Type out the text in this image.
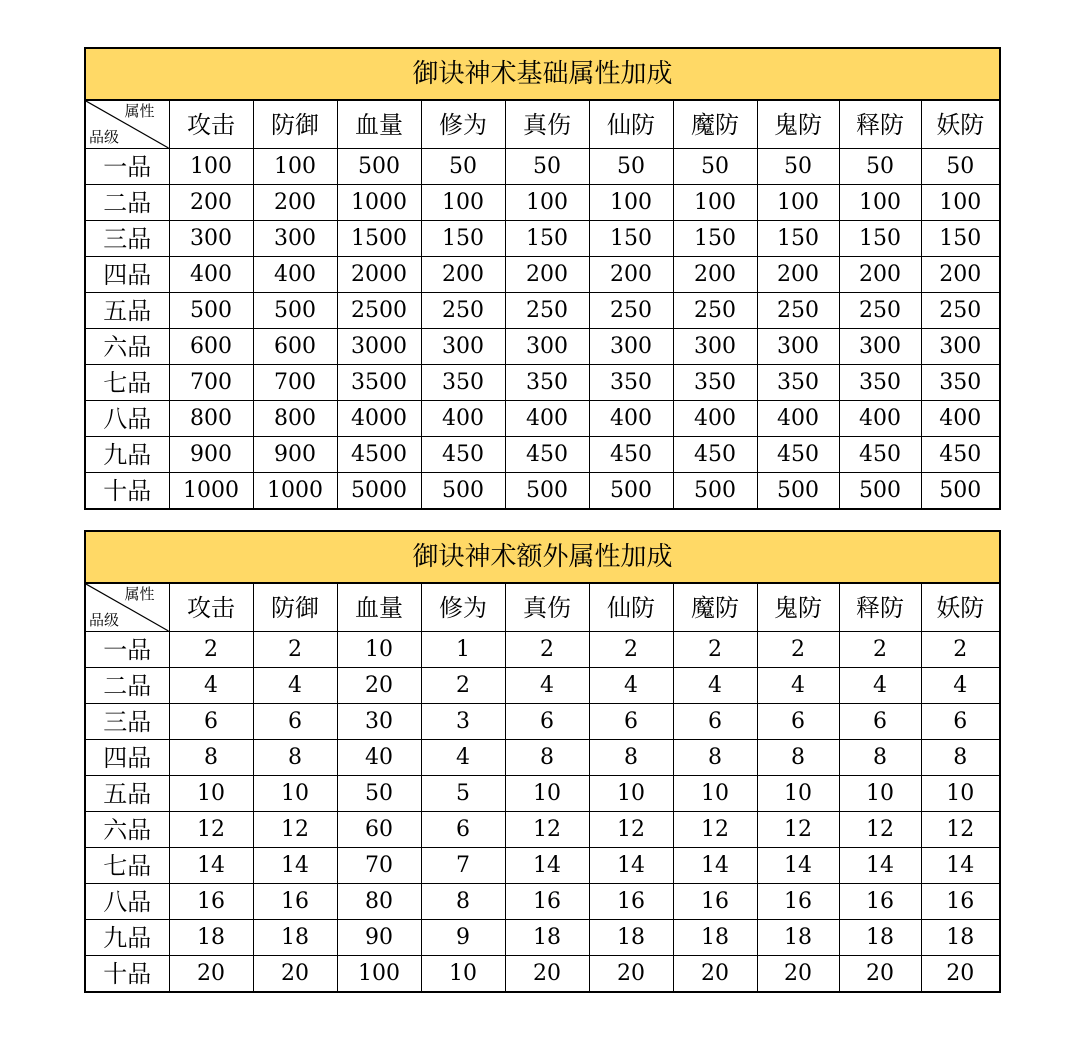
御诀神术基础属性加成										

属性
品级	攻击	防御	血量	修为	真伤	仙防	魔防	鬼防	释防	妖防
一品	100	100	500	50	50	50	50	50	50	50
二品	200	200	1000	100	100	100	100	100	100	100
三品	300	300	1500	150	150	150	150	150	150	150
四品	400	400	2000	200	200	200	200	200	200	200
五品	500	500	2500	250	250	250	250	250	250	250
六品	600	600	3000	300	300	300	300	300	300	300
七品	700	700	3500	350	350	350	350	350	350	350
八品	800	800	4000	400	400	400	400	400	400	400
九品	900	900	4500	450	450	450	450	450	450	450
十品	1000	1000	5000	500	500	500	500	500	500	500
御诀神术额外属性加成										

属性
品级	攻击	防御	血量	修为	真伤	仙防	魔防	鬼防	释防	妖防
一品	2	2	10	1	2	2	2	2	2	2
二品	4	4	20	2	4	4	4	4	4	4
三品	6	6	30	3	6	6	6	6	6	6
四品	8	8	40	4	8	8	8	8	8	8
五品	10	10	50	5	10	10	10	10	10	10
六品	12	12	60	6	12	12	12	12	12	12
七品	14	14	70	7	14	14	14	14	14	14
八品	16	16	80	8	16	16	16	16	16	16
九品	18	18	90	9	18	18	18	18	18	18
十品	20	20	100	10	20	20	20	20	20	20
